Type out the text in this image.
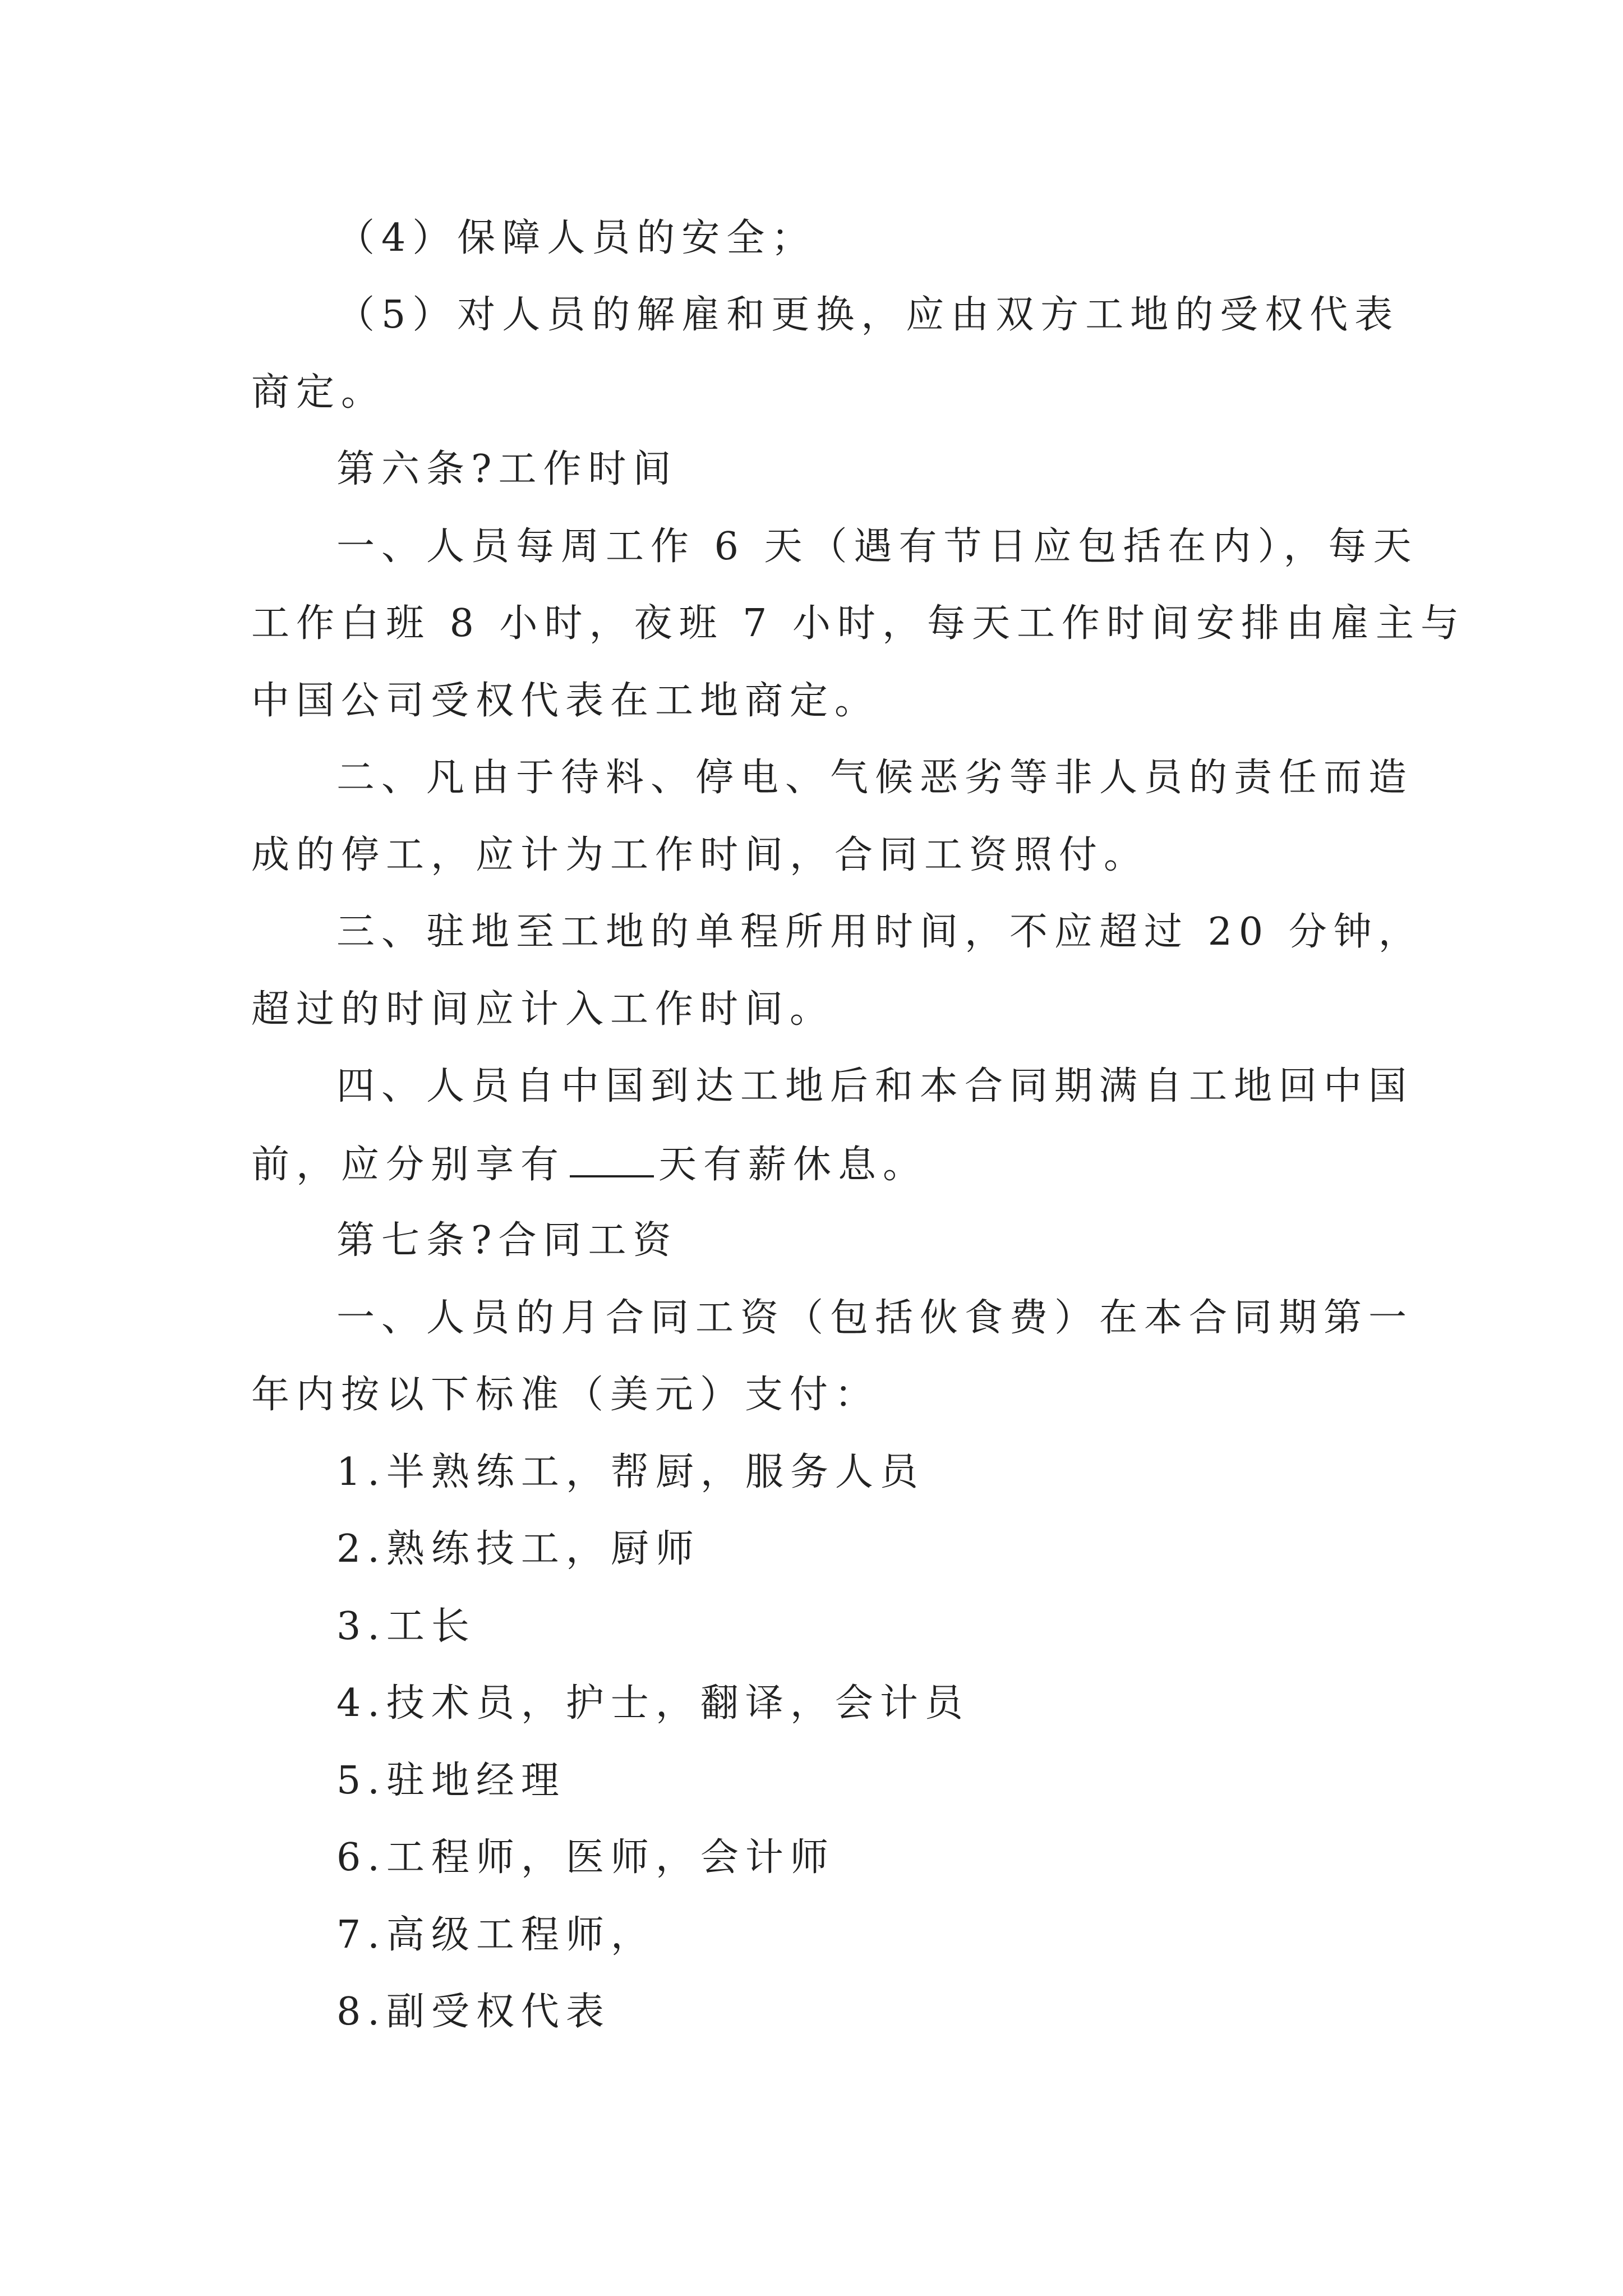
（4）保障人员的安全；

（5）对人员的解雇和更换，应由双方工地的受权代表

商定。

第六条?工作时间

一、人员每周工作 6 天（遇有节日应包括在内），每天

工作白班 8 小时，夜班 7 小时，每天工作时间安排由雇主与

中国公司受权代表在工地商定。

二、凡由于待料、停电、气候恶劣等非人员的责任而造

成的停工，应计为工作时间，合同工资照付。

三、驻地至工地的单程所用时间，不应超过 20 分钟，

超过的时间应计入工作时间。

四、人员自中国到达工地后和本合同期满自工地回中国

前，应分别享有 天有薪休息。

第七条?合同工资

一、人员的月合同工资（包括伙食费）在本合同期第一

年内按以下标准（美元）支付：

1.半熟练工，帮厨，服务人员

2.熟练技工，厨师

3.工长

4.技术员，护士，翻译，会计员

5.驻地经理

6.工程师，医师，会计师

7.高级工程师，

8.副受权代表
